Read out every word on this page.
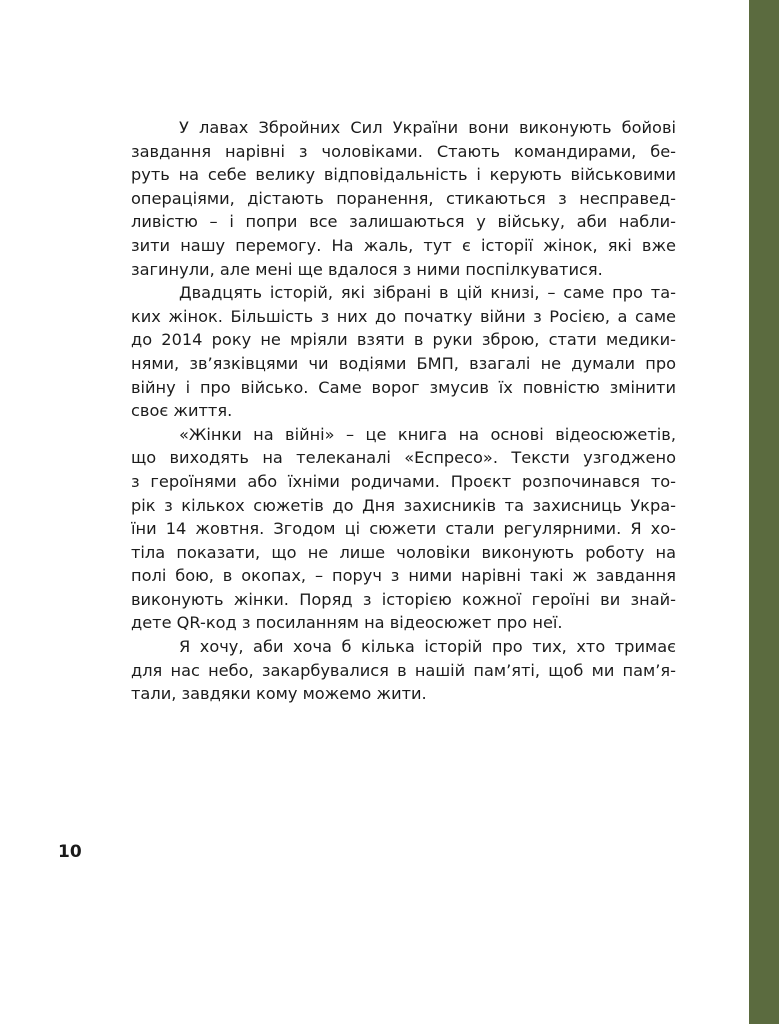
У лавах Збройних Сил України вони виконують бойові
завдання нарівні з чоловіками. Стають командирами, бе-
руть на себе велику відповідальність і керують військовими
операціями, дістають поранення, стикаються з несправед-
ливістю – і попри все залишаються у війську, аби набли-
зити нашу перемогу. На жаль, тут є історії жінок, які вже
загинули, але мені ще вдалося з ними поспілкуватися.
Двадцять історій, які зібрані в цій книзі, – саме про та-
ких жінок. Більшість з них до початку війни з Росією, а саме
до 2014 року не мріяли взяти в руки зброю, стати медики-
нями, зв’язківцями чи водіями БМП, взагалі не думали про
війну і про військо. Саме ворог змусив їх повністю змінити
своє життя.
«Жінки на війні» – це книга на основі відеосюжетів,
що виходять на телеканалі «Еспресо». Тексти узгоджено
з героїнями або їхніми родичами. Проєкт розпочинався то-
рік з кількох сюжетів до Дня захисників та захисниць Укра-
їни 14 жовтня. Згодом ці сюжети стали регулярними. Я хо-
тіла показати, що не лише чоловіки виконують роботу на
полі бою, в окопах, – поруч з ними нарівні такі ж завдання
виконують жінки. Поряд з історією кожної героїні ви знай-
дете QR-код з посиланням на відеосюжет про неї.
Я хочу, аби хоча б кілька історій про тих, хто тримає
для нас небо, закарбувалися в нашій пам’яті, щоб ми пам’я-
тали, завдяки кому можемо жити.
10
